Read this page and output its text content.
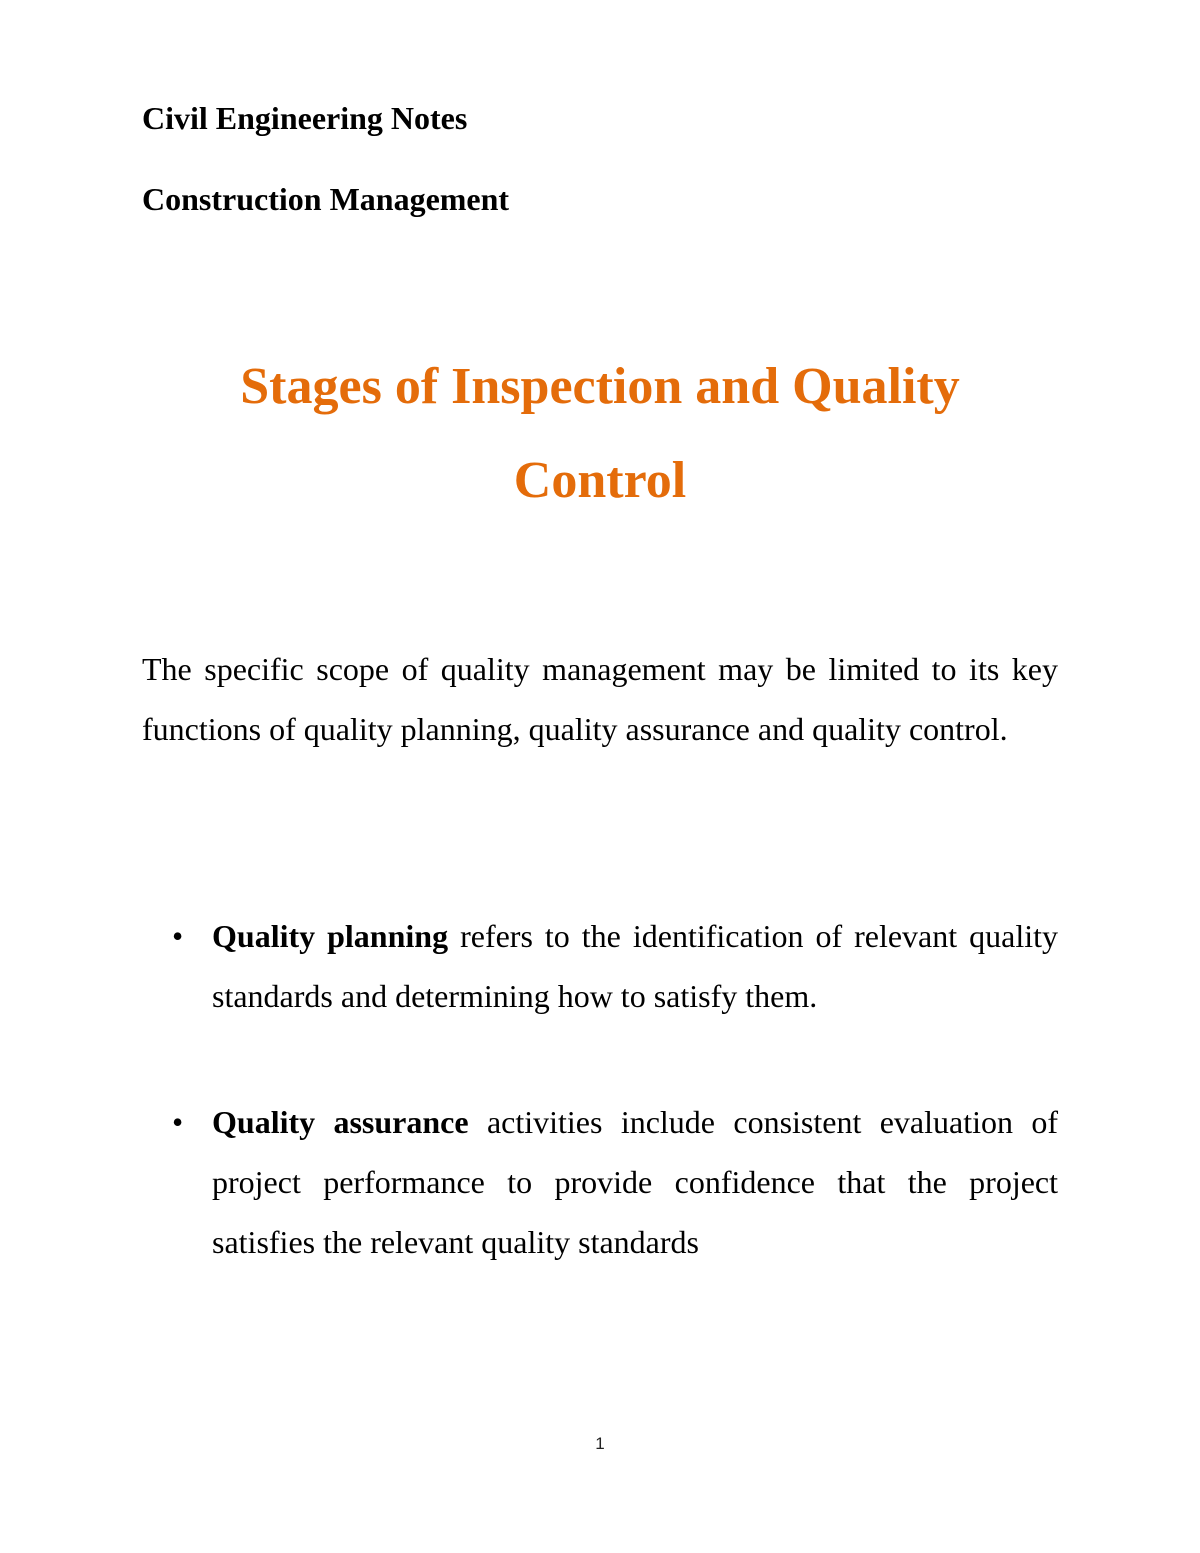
Civil Engineering Notes
Construction Management
Stages of Inspection and Quality
Control

The specific scope of quality management may be limited to its key functions of quality planning, quality assurance and quality control.

• Quality planning refers to the identification of relevant quality standards and determining how to satisfy them.

• Quality assurance activities include consistent evaluation of project performance to provide confidence that the project satisfies the relevant quality standards

1
